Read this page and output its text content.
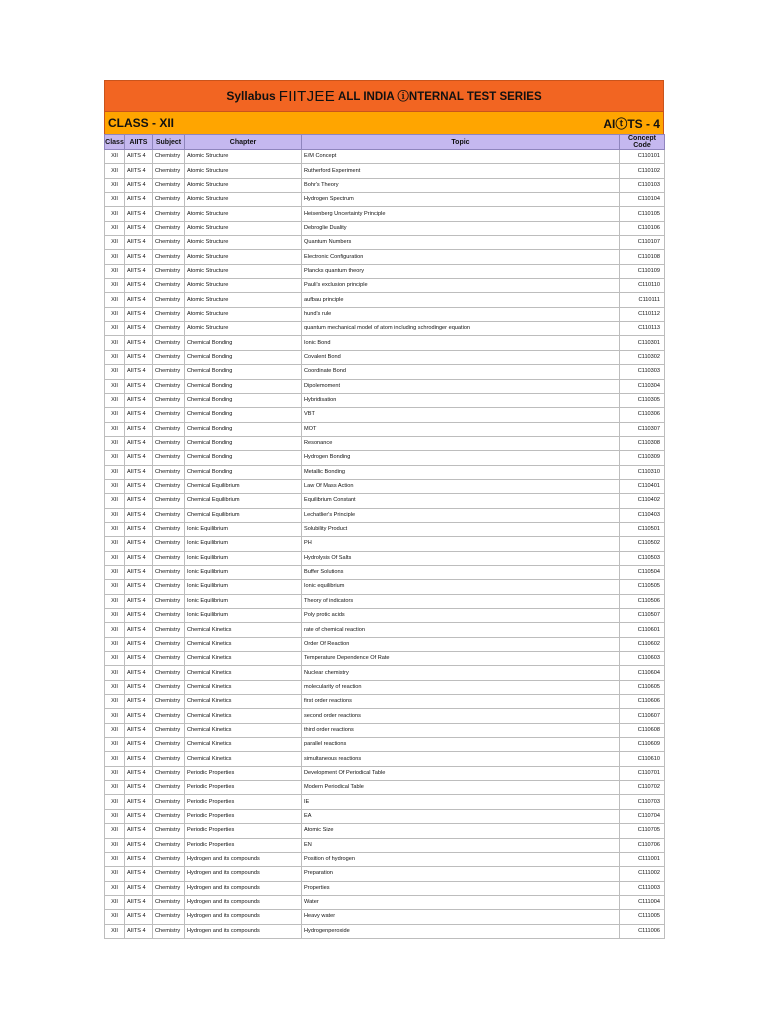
Syllabus FIITJEE ALL INDIA ⓘNTERNAL TEST SERIES
CLASS - XII	AIⓣTS - 4
Class	AIITS	Subject	Chapter	Topic	Concept Code
XII	AIITS 4	Chemistry	Atomic Structure	E/M Concept	C110101
XII	AIITS 4	Chemistry	Atomic Structure	Rutherford Experiment	C110102
XII	AIITS 4	Chemistry	Atomic Structure	Bohr's Theory	C110103
XII	AIITS 4	Chemistry	Atomic Structure	Hydrogen Spectrum	C110104
XII	AIITS 4	Chemistry	Atomic Structure	Heisenberg Uncertainty Principle	C110105
XII	AIITS 4	Chemistry	Atomic Structure	Debroglie Duality	C110106
XII	AIITS 4	Chemistry	Atomic Structure	Quantum Numbers	C110107
XII	AIITS 4	Chemistry	Atomic Structure	Electronic Configuration	C110108
XII	AIITS 4	Chemistry	Atomic Structure	Plancks quantum theory	C110109
XII	AIITS 4	Chemistry	Atomic Structure	Pauli's exclusion principle	C110110
XII	AIITS 4	Chemistry	Atomic Structure	aufbau principle	C110111
XII	AIITS 4	Chemistry	Atomic Structure	hund's rule	C110112
XII	AIITS 4	Chemistry	Atomic Structure	quantum mechanical model of atom including schrodinger equation	C110113
XII	AIITS 4	Chemistry	Chemical Bonding	Ionic Bond	C110301
XII	AIITS 4	Chemistry	Chemical Bonding	Covalent Bond	C110302
XII	AIITS 4	Chemistry	Chemical Bonding	Coordinate Bond	C110303
XII	AIITS 4	Chemistry	Chemical Bonding	Dipolemoment	C110304
XII	AIITS 4	Chemistry	Chemical Bonding	Hybridisation	C110305
XII	AIITS 4	Chemistry	Chemical Bonding	VBT	C110306
XII	AIITS 4	Chemistry	Chemical Bonding	MOT	C110307
XII	AIITS 4	Chemistry	Chemical Bonding	Resonance	C110308
XII	AIITS 4	Chemistry	Chemical Bonding	Hydrogen Bonding	C110309
XII	AIITS 4	Chemistry	Chemical Bonding	Metallic Bonding	C110310
XII	AIITS 4	Chemistry	Chemical Equilibrium	Law Of Mass Action	C110401
XII	AIITS 4	Chemistry	Chemical Equilibrium	Equilibrium Constant	C110402
XII	AIITS 4	Chemistry	Chemical Equilibrium	Lechatlier's Principle	C110403
XII	AIITS 4	Chemistry	Ionic Equilibrium	Solubility Product	C110501
XII	AIITS 4	Chemistry	Ionic Equilibrium	PH	C110502
XII	AIITS 4	Chemistry	Ionic Equilibrium	Hydrolysis Of Salts	C110503
XII	AIITS 4	Chemistry	Ionic Equilibrium	Buffer Solutions	C110504
XII	AIITS 4	Chemistry	Ionic Equilibrium	Ionic equilibrium	C110505
XII	AIITS 4	Chemistry	Ionic Equilibrium	Theory of indicators	C110506
XII	AIITS 4	Chemistry	Ionic Equilibrium	Poly protic acids	C110507
XII	AIITS 4	Chemistry	Chemical Kinetics	rate of chemical reaction	C110601
XII	AIITS 4	Chemistry	Chemical Kinetics	Order Of Reaction	C110602
XII	AIITS 4	Chemistry	Chemical Kinetics	Temperature Dependence Of Rate	C110603
XII	AIITS 4	Chemistry	Chemical Kinetics	Nuclear chemistry	C110604
XII	AIITS 4	Chemistry	Chemical Kinetics	molecularity of reaction	C110605
XII	AIITS 4	Chemistry	Chemical Kinetics	first order reactions	C110606
XII	AIITS 4	Chemistry	Chemical Kinetics	second order reactions	C110607
XII	AIITS 4	Chemistry	Chemical Kinetics	third order reactions	C110608
XII	AIITS 4	Chemistry	Chemical Kinetics	parallel reactions	C110609
XII	AIITS 4	Chemistry	Chemical Kinetics	simultaneous reactions	C110610
XII	AIITS 4	Chemistry	Periodic Properties	Development Of Periodical Table	C110701
XII	AIITS 4	Chemistry	Periodic Properties	Modern Periodical Table	C110702
XII	AIITS 4	Chemistry	Periodic Properties	IE	C110703
XII	AIITS 4	Chemistry	Periodic Properties	EA	C110704
XII	AIITS 4	Chemistry	Periodic Properties	Atomic Size	C110705
XII	AIITS 4	Chemistry	Periodic Properties	EN	C110706
XII	AIITS 4	Chemistry	Hydrogen and its compounds	Position of hydrogen	C111001
XII	AIITS 4	Chemistry	Hydrogen and its compounds	Preparation	C111002
XII	AIITS 4	Chemistry	Hydrogen and its compounds	Properties	C111003
XII	AIITS 4	Chemistry	Hydrogen and its compounds	Water	C111004
XII	AIITS 4	Chemistry	Hydrogen and its compounds	Heavy water	C111005
XII	AIITS 4	Chemistry	Hydrogen and its compounds	Hydrogenperoxide	C111006
